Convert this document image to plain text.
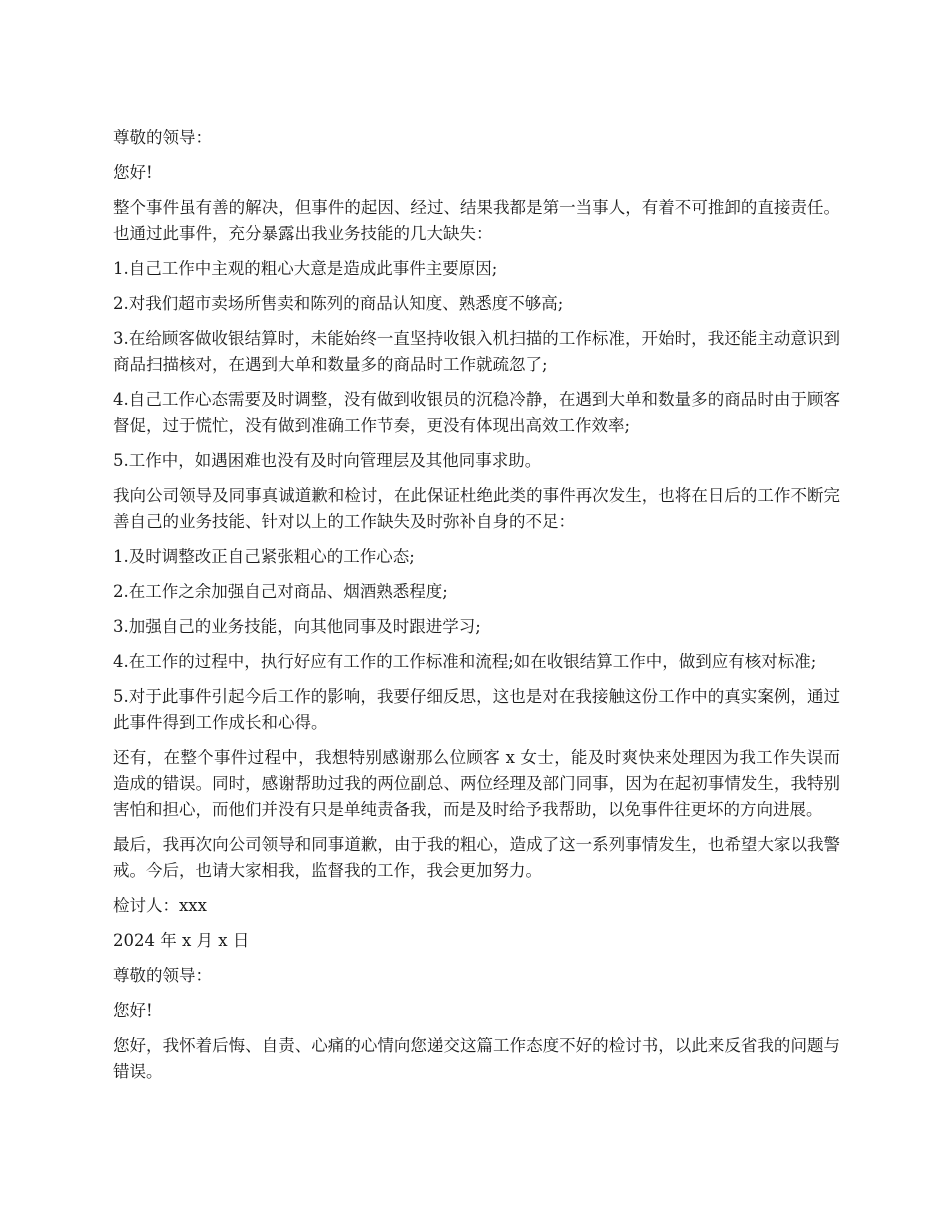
尊敬的领导：

您好!

整个事件虽有善的解决，但事件的起因、经过、结果我都是第一当事人，有着不可推卸的直接责任。也通过此事件，充分暴露出我业务技能的几大缺失：

1.自己工作中主观的粗心大意是造成此事件主要原因;

2.对我们超市卖场所售卖和陈列的商品认知度、熟悉度不够高;

3.在给顾客做收银结算时，未能始终一直坚持收银入机扫描的工作标准，开始时，我还能主动意识到商品扫描核对，在遇到大单和数量多的商品时工作就疏忽了;

4.自己工作心态需要及时调整，没有做到收银员的沉稳冷静，在遇到大单和数量多的商品时由于顾客督促，过于慌忙，没有做到准确工作节奏，更没有体现出高效工作效率;

5.工作中，如遇困难也没有及时向管理层及其他同事求助。

我向公司领导及同事真诚道歉和检讨，在此保证杜绝此类的事件再次发生，也将在日后的工作不断完善自己的业务技能、针对以上的工作缺失及时弥补自身的不足：

1.及时调整改正自己紧张粗心的工作心态;

2.在工作之余加强自己对商品、烟酒熟悉程度;

3.加强自己的业务技能，向其他同事及时跟进学习;

4.在工作的过程中，执行好应有工作的工作标准和流程;如在收银结算工作中，做到应有核对标准;

5.对于此事件引起今后工作的影响，我要仔细反思，这也是对在我接触这份工作中的真实案例，通过此事件得到工作成长和心得。

还有，在整个事件过程中，我想特别感谢那么位顾客 x 女士，能及时爽快来处理因为我工作失误而造成的错误。同时，感谢帮助过我的两位副总、两位经理及部门同事，因为在起初事情发生，我特别害怕和担心，而他们并没有只是单纯责备我，而是及时给予我帮助，以免事件往更坏的方向进展。

最后，我再次向公司领导和同事道歉，由于我的粗心，造成了这一系列事情发生，也希望大家以我警戒。今后，也请大家相我，监督我的工作，我会更加努力。

检讨人：xxx

2024 年 x 月 x 日

尊敬的领导：

您好!

您好，我怀着后悔、自责、心痛的心情向您递交这篇工作态度不好的检讨书，以此来反省我的问题与错误。
